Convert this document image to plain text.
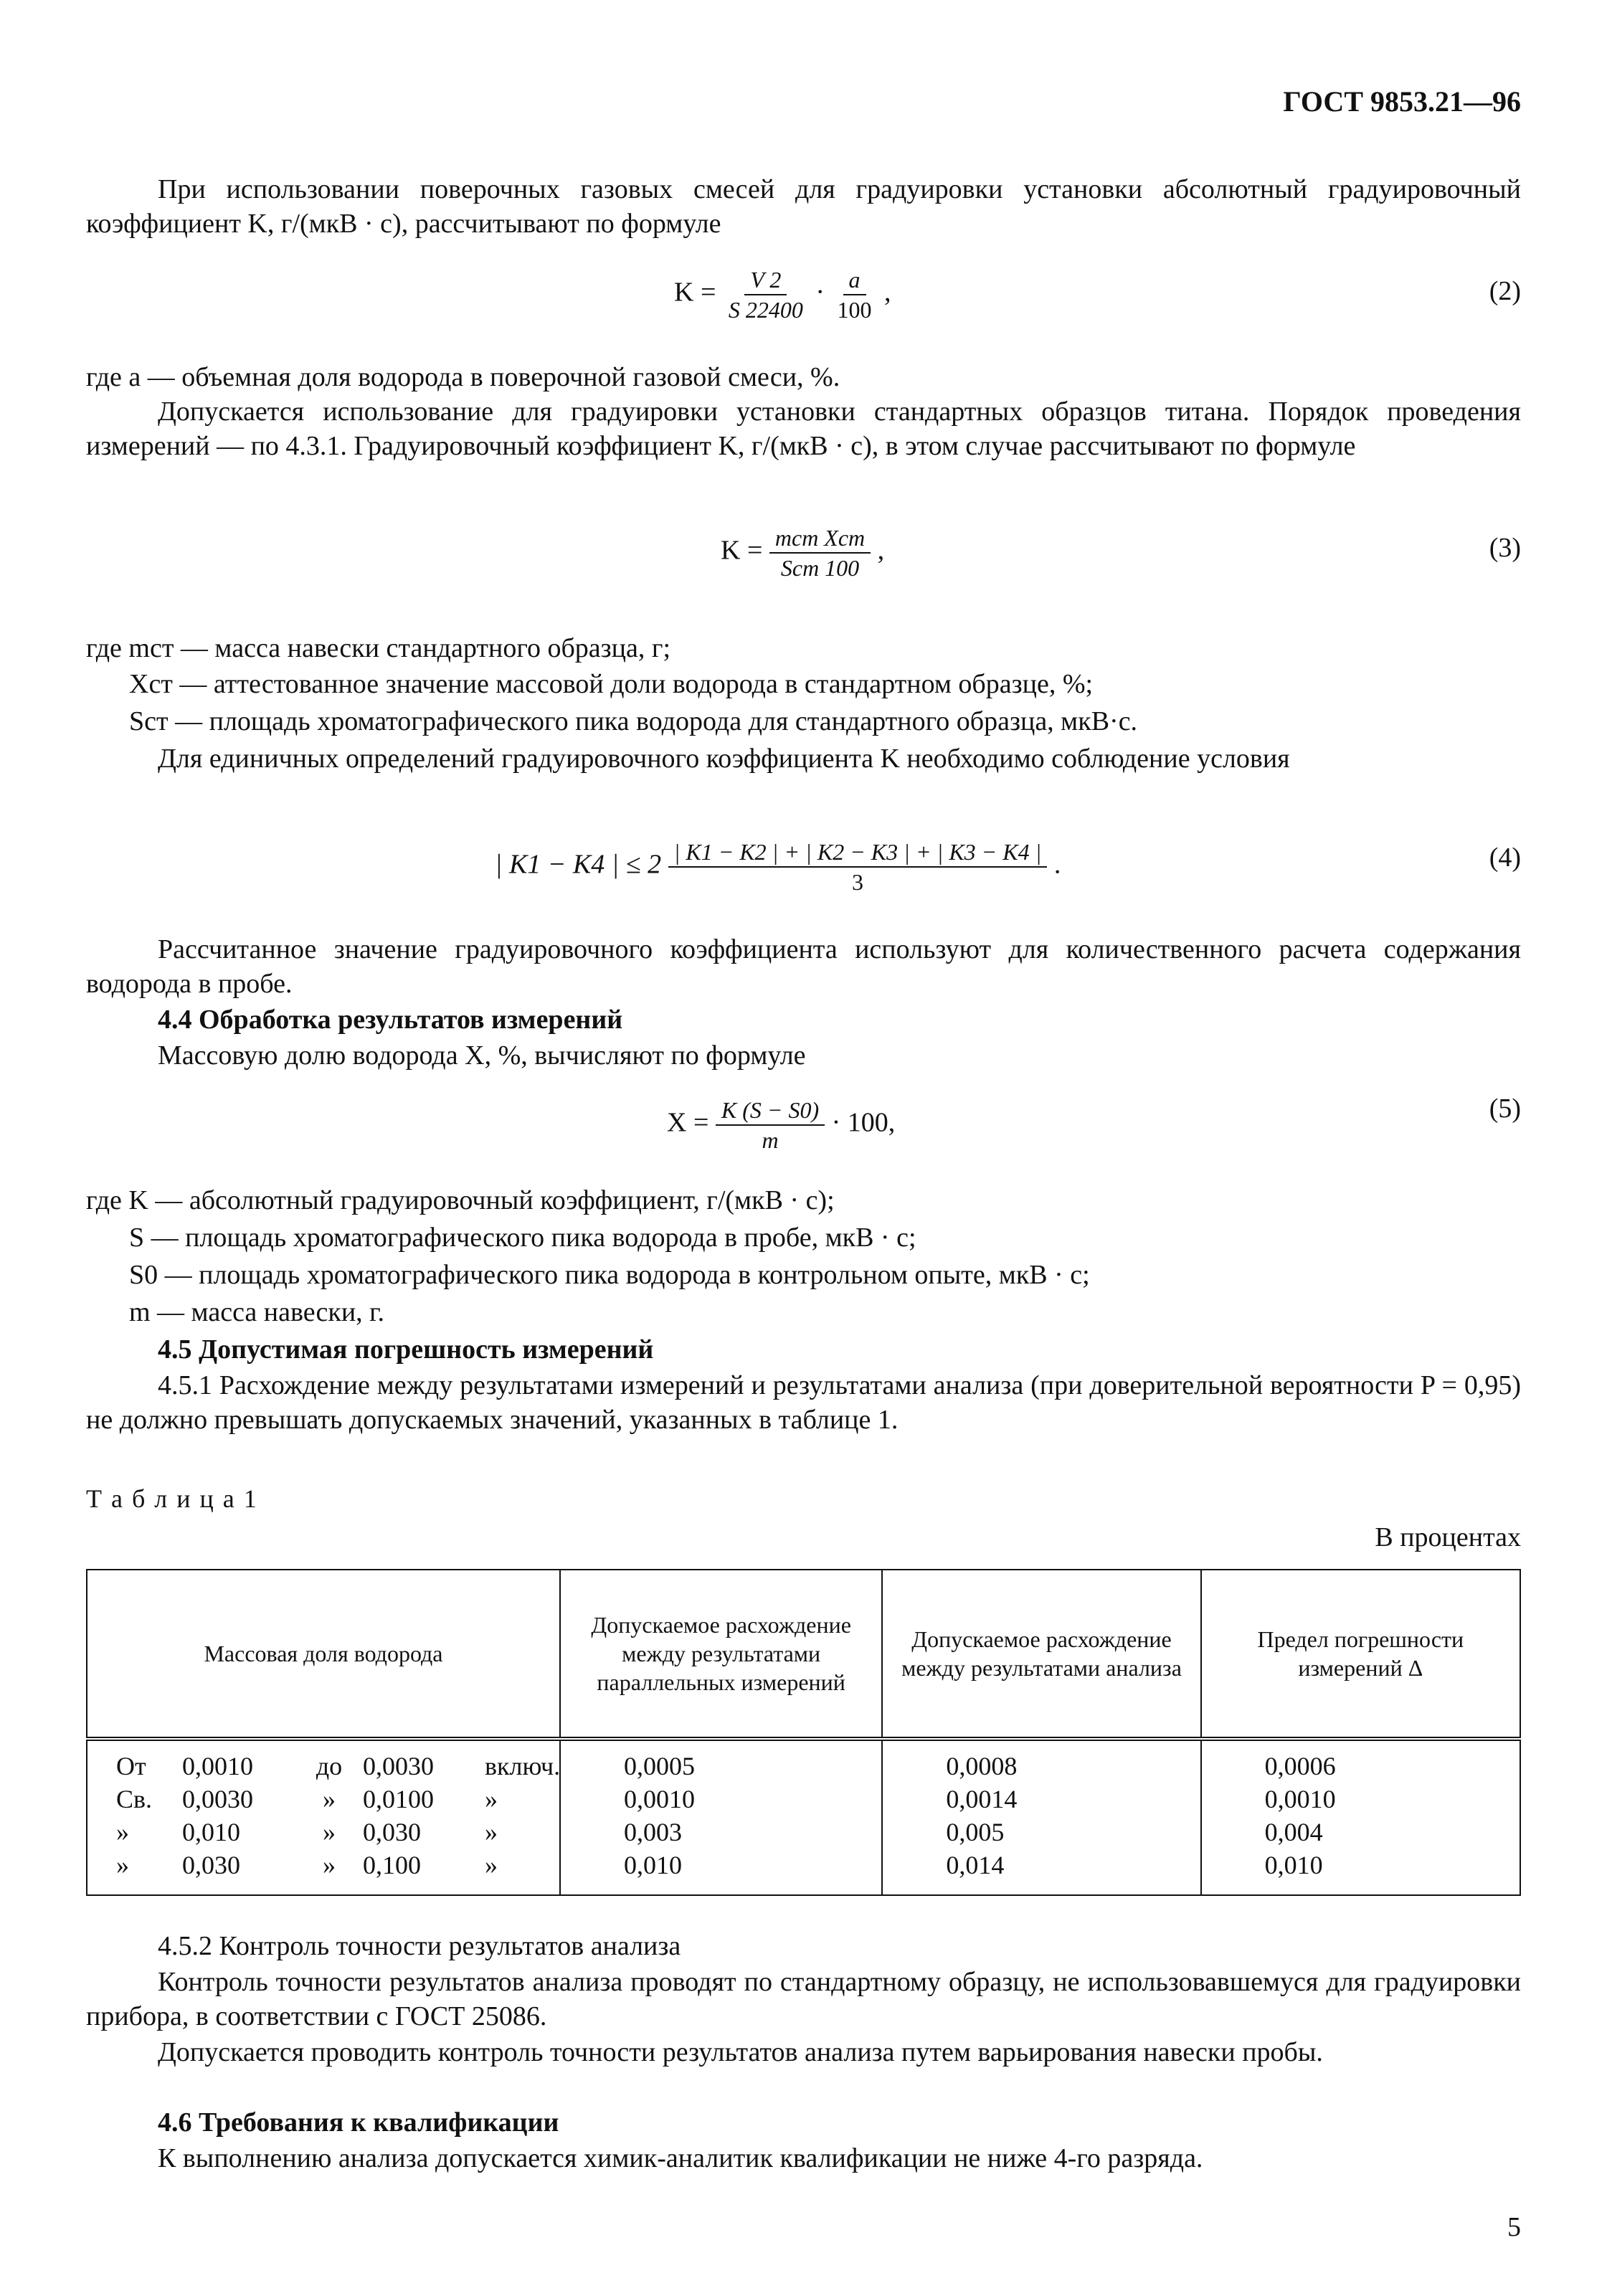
ГОСТ 9853.21—96
При использовании поверочных газовых смесей для градуировки установки абсолютный градуировочный коэффициент K, г/(мкВ · с), рассчитывают по формуле
$K = \frac{V 2}{S 22400} \cdot \frac{a}{100}$ ,	(2)
где a — объемная доля водорода в поверочной газовой смеси, %.
Допускается использование для градуировки установки стандартных образцов титана. Порядок проведения измерений — по 4.3.1. Градуировочный коэффициент K, г/(мкВ · с), в этом случае рассчитывают по формуле
$K = \frac{\text{mст Xст}}{\text{Sст 100}}$ ,	(3)
где mст — масса навески стандартного образца, г;
Xст — аттестованное значение массовой доли водорода в стандартном образце, %;
Sст — площадь хроматографического пика водорода для стандартного образца, мкВ·с.
Для единичных определений градуировочного коэффициента K необходимо соблюдение условия
| K1 − K4 | ≤ $2 \frac{| K1 - K2 | + | K2 - K3 | + | K3 - K4 |}{3}$ .	(4)
Рассчитанное значение градуировочного коэффициента используют для количественного расчета содержания водорода в пробе.
4.4 Обработка результатов измерений
Массовую долю водорода X, %, вычисляют по формуле
$X = \frac{K (S - S0)}{m} \cdot 100$,	(5)
где K — абсолютный градуировочный коэффициент, г/(мкВ · с);
S — площадь хроматографического пика водорода в пробе, мкВ · с;
S0 — площадь хроматографического пика водорода в контрольном опыте, мкВ · с;
m — масса навески, г.
4.5 Допустимая погрешность измерений
4.5.1 Расхождение между результатами измерений и результатами анализа (при доверительной вероятности P = 0,95) не должно превышать допускаемых значений, указанных в таблице 1.
Т а б л и ц а 1
В процентах
Массовая доля водорода	Допускаемое расхождение между результатами параллельных измерений	Допускаемое расхождение между результатами анализа	Предел погрешности измерений Δ

От 0,0010 до 0,0030 включ.	0,0005	0,0008	0,0006

Св. 0,0030 » 0,0100 »	0,0010	0,0014	0,0010

» 0,010 » 0,030 »	0,003	0,005	0,004

» 0,030 » 0,100 »	0,010	0,014	0,010
4.5.2 Контроль точности результатов анализа
Контроль точности результатов анализа проводят по стандартному образцу, не использовавшемуся для градуировки прибора, в соответствии с ГОСТ 25086.
Допускается проводить контроль точности результатов анализа путем варьирования навески пробы.
4.6 Требования к квалификации
К выполнению анализа допускается химик-аналитик квалификации не ниже 4-го разряда.
5
